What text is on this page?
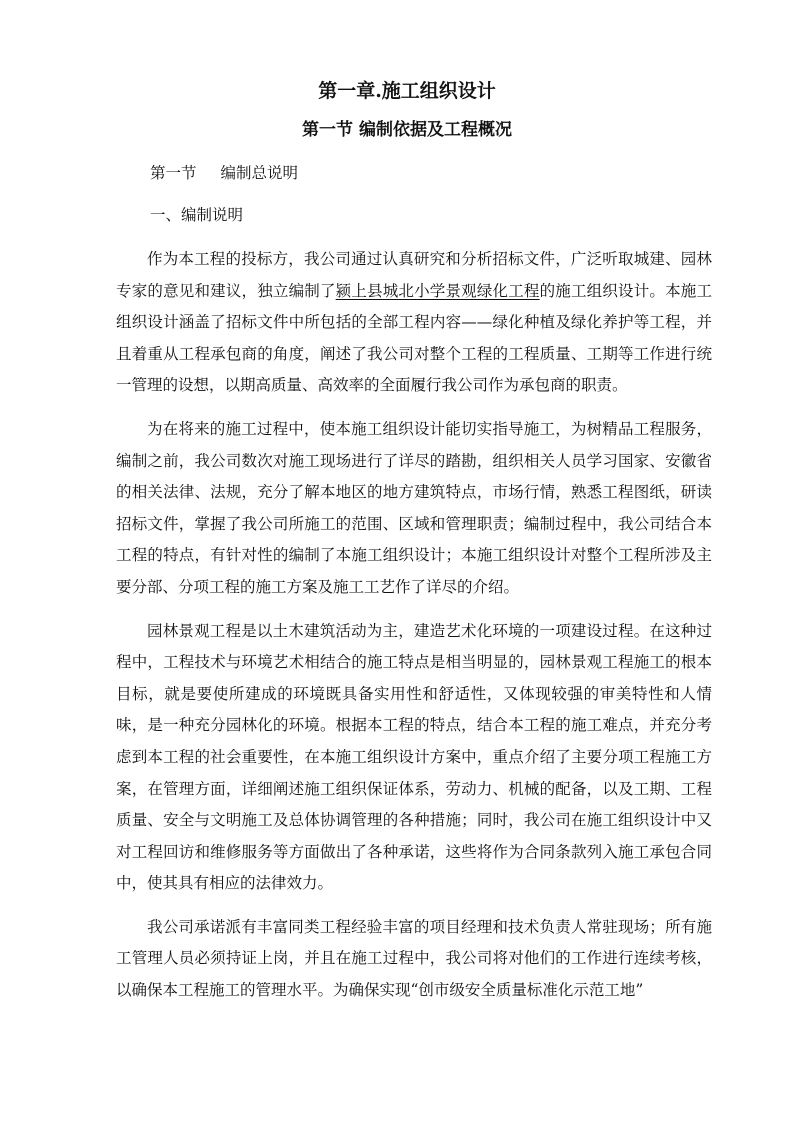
第一章.施工组织设计
第一节 编制依据及工程概况
第一节 编制总说明
一、编制说明

作为本工程的投标方，我公司通过认真研究和分析招标文件，广泛听取城建、园林专家的意见和建议，独立编制了颍上县城北小学景观绿化工程的施工组织设计。本施工组织设计涵盖了招标文件中所包括的全部工程内容——绿化种植及绿化养护等工程，并且着重从工程承包商的角度，阐述了我公司对整个工程的工程质量、工期等工作进行统一管理的设想，以期高质量、高效率的全面履行我公司作为承包商的职责。

为在将来的施工过程中，使本施工组织设计能切实指导施工，为树精品工程服务，编制之前，我公司数次对施工现场进行了详尽的踏勘，组织相关人员学习国家、安徽省的相关法律、法规，充分了解本地区的地方建筑特点，市场行情，熟悉工程图纸，研读招标文件，掌握了我公司所施工的范围、区域和管理职责；编制过程中，我公司结合本工程的特点，有针对性的编制了本施工组织设计；本施工组织设计对整个工程所涉及主要分部、分项工程的施工方案及施工工艺作了详尽的介绍。

园林景观工程是以土木建筑活动为主，建造艺术化环境的一项建设过程。在这种过程中，工程技术与环境艺术相结合的施工特点是相当明显的，园林景观工程施工的根本目标，就是要使所建成的环境既具备实用性和舒适性，又体现较强的审美特性和人情味，是一种充分园林化的环境。根据本工程的特点，结合本工程的施工难点，并充分考虑到本工程的社会重要性，在本施工组织设计方案中，重点介绍了主要分项工程施工方案，在管理方面，详细阐述施工组织保证体系，劳动力、机械的配备，以及工期、工程质量、安全与文明施工及总体协调管理的各种措施；同时，我公司在施工组织设计中又对工程回访和维修服务等方面做出了各种承诺，这些将作为合同条款列入施工承包合同中，使其具有相应的法律效力。

我公司承诺派有丰富同类工程经验丰富的项目经理和技术负责人常驻现场；所有施工管理人员必须持证上岗，并且在施工过程中，我公司将对他们的工作进行连续考核，以确保本工程施工的管理水平。为确保实现“创市级安全质量标准化示范工地”
